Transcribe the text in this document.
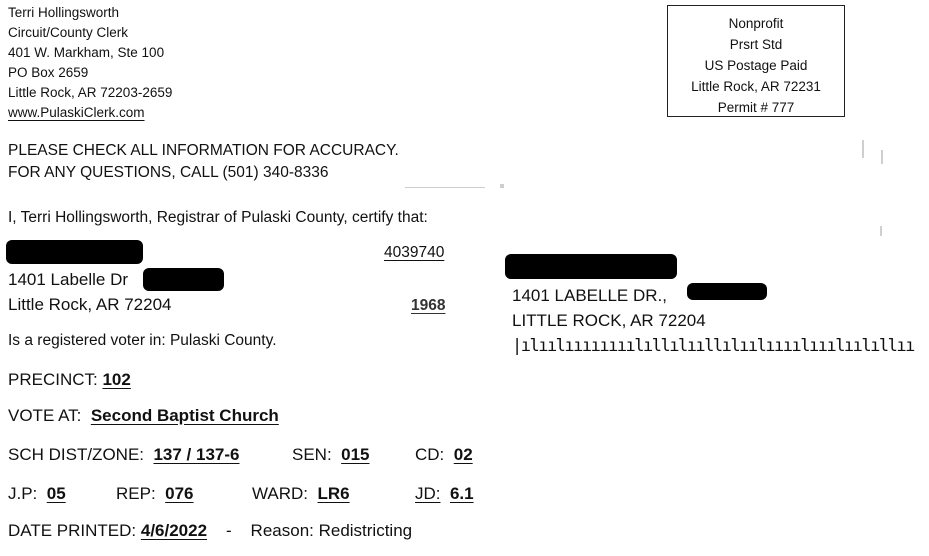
Terri Hollingsworth
Circuit/County Clerk
401 W. Markham, Ste 100
PO Box 2659
Little Rock, AR 72203-2659
www.PulaskiClerk.com
Nonprofit
Prsrt Std
US Postage Paid
Little Rock, AR 72231
Permit # 777
PLEASE CHECK ALL INFORMATION FOR ACCURACY.
FOR ANY QUESTIONS, CALL (501) 340-8336
I, Terri Hollingsworth, Registrar of Pulaski County, certify that:
4039740
1401 Labelle Dr
Little Rock, AR 72204	1968
Is a registered voter in: Pulaski County.
1401 LABELLE DR.,
LITTLE ROCK, AR 72204
|ılıılıııııııılıllılııllılıılıııılııılıılıllıı
PRECINCT: 102
VOTE AT: Second Baptist Church
SCH DIST/ZONE: 137 / 137-6	SEN: 015	CD: 02
J.P: 05	REP: 076	WARD: LR6	JD: 6.1
DATE PRINTED: 4/6/2022 - Reason: Redistricting
